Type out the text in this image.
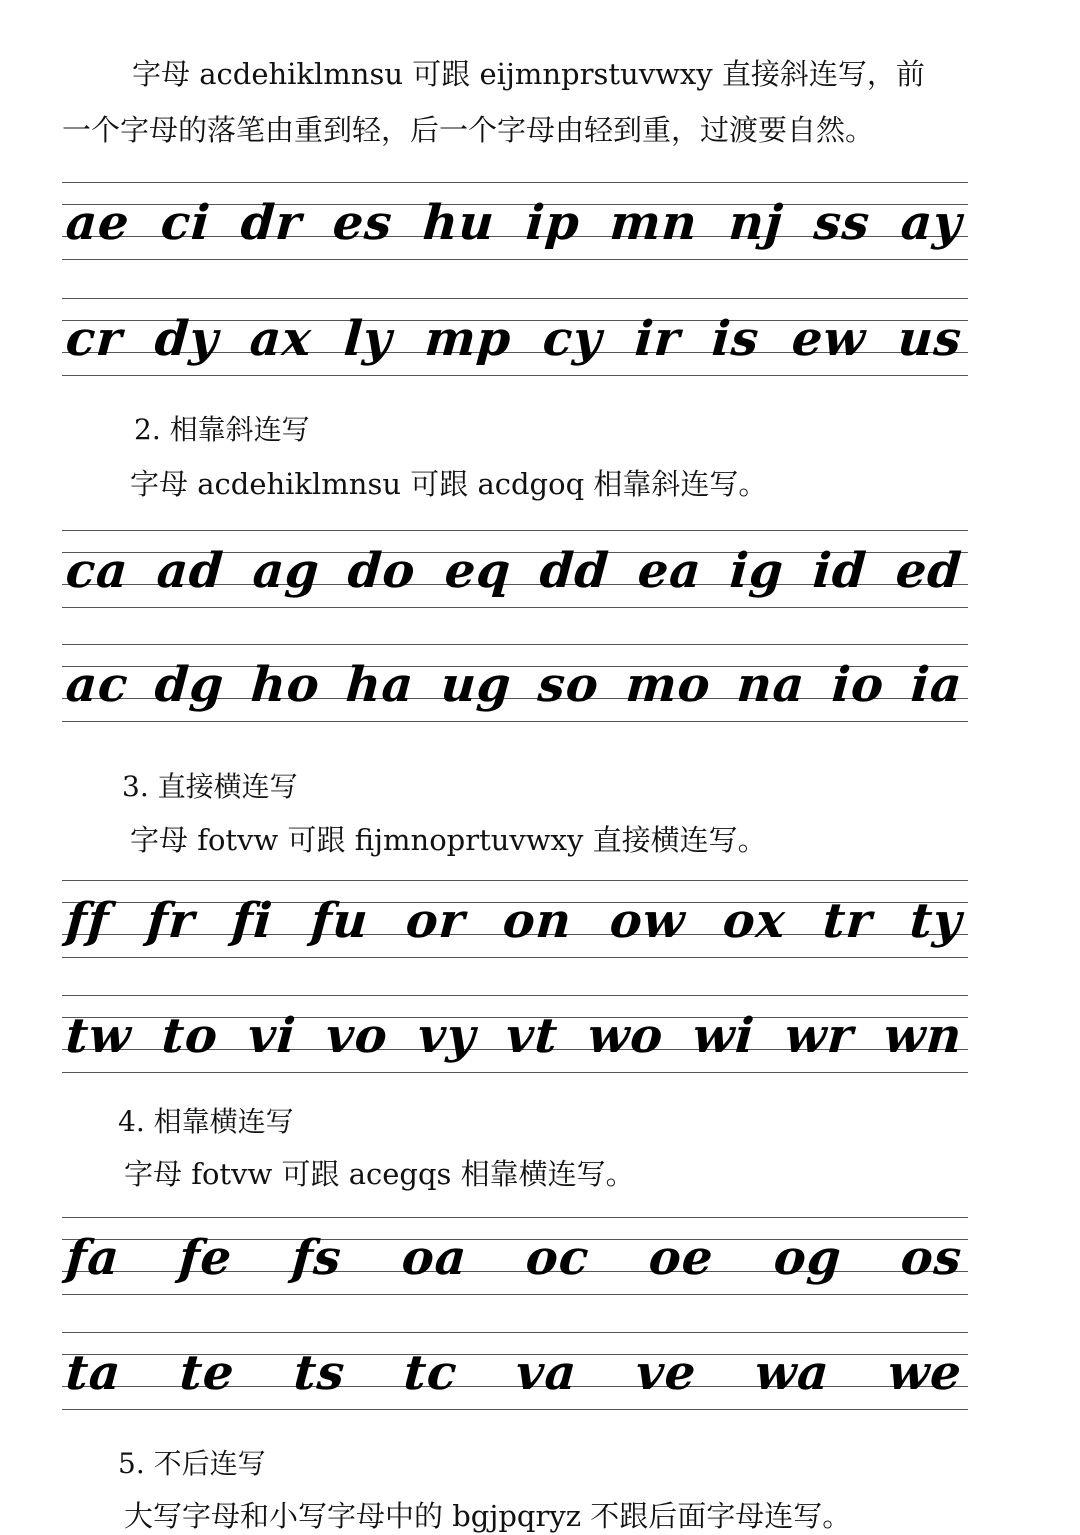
字母 acdehiklmnsu 可跟 eijmnprstuvwxy 直接斜连写，前

一个字母的落笔由重到轻，后一个字母由轻到重，过渡要自然。

ae ci dr es hu ip mn nj ss ay
cr dy ax ly mp cy ir is ew us

2. 相靠斜连写

字母 acdehiklmnsu 可跟 acdgoq 相靠斜连写。

ca ad ag do eq dd ea ig id ed
ac dg ho ha ug so mo na io ia

3. 直接横连写

字母 fotvw 可跟 fijmnoprtuvwxy 直接横连写。

ff fr fi fu or on ow ox tr ty
tw to vi vo vy vt wo wi wr wn

4. 相靠横连写

字母 fotvw 可跟 acegqs 相靠横连写。

fa fe fs oa oc oe og os
ta te ts tc va ve wa we

5. 不后连写

大写字母和小写字母中的 bgjpqryz 不跟后面字母连写。
